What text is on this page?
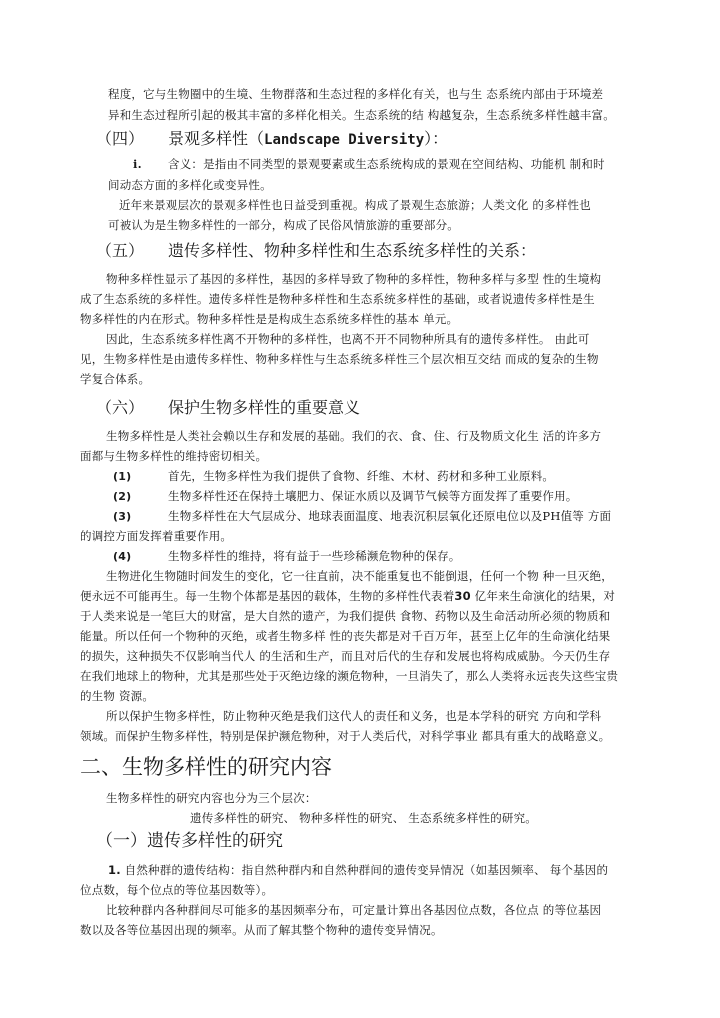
程度，它与生物圈中的生境、生物群落和生态过程的多样化有关，也与生 态系统内部由于环境差
异和生态过程所引起的极其丰富的多样化相关。生态系统的结 构越复杂，生态系统多样性越丰富。
（四） 景观多样性（Landscape Diversity）：
i. 含义：是指由不同类型的景观要素或生态系统构成的景观在空间结构、功能机 制和时
间动态方面的多样化或变异性。
近年来景观层次的景观多样性也日益受到重视。构成了景观生态旅游；人类文化 的多样性也
可被认为是生物多样性的一部分，构成了民俗风情旅游的重要部分。
（五） 遗传多样性、物种多样性和生态系统多样性的关系：
物种多样性显示了基因的多样性，基因的多样导致了物种的多样性，物种多样与多型 性的生境构
成了生态系统的多样性。遗传多样性是物种多样性和生态系统多样性的基础，或者说遗传多样性是生
物多样性的内在形式。物种多样性是是构成生态系统多样性的基本 单元。
因此，生态系统多样性离不开物种的多样性，也离不开不同物种所具有的遗传多样性。 由此可
见，生物多样性是由遗传多样性、物种多样性与生态系统多样性三个层次相互交结 而成的复杂的生物
学复合体系。
（六） 保护生物多样性的重要意义
生物多样性是人类社会赖以生存和发展的基础。我们的衣、食、住、行及物质文化生 活的许多方
面都与生物多样性的维持密切相关。
(1)	首先，生物多样性为我们提供了食物、纤维、木材、药材和多种工业原料。
(2)	生物多样性还在保持土壤肥力、保证水质以及调节气候等方面发挥了重要作用。
(3)	生物多样性在大气层成分、地球表面温度、地表沉积层氧化还原电位以及PH值等 方面
的调控方面发挥着重要作用。
(4)	生物多样性的维持，将有益于一些珍稀濒危物种的保存。
生物进化生物随时间发生的变化，它一往直前，决不能重复也不能倒退，任何一个物 种一旦灭绝，
便永远不可能再生。每一生物个体都是基因的载体，生物的多样性代表着30 亿年来生命演化的结果，对
于人类来说是一笔巨大的财富，是大自然的遗产，为我们提供 食物、药物以及生命活动所必须的物质和
能量。所以任何一个物种的灭绝，或者生物多样 性的丧失都是对千百万年，甚至上亿年的生命演化结果
的损失，这种损失不仅影响当代人 的生活和生产，而且对后代的生存和发展也将构成威胁。今天仍生存
在我们地球上的物种，尤其是那些处于灭绝边缘的濒危物种，一旦消失了，那么人类将永远丧失这些宝贵
的生物 资源。
所以保护生物多样性，防止物种灭绝是我们这代人的责任和义务，也是本学科的研究 方向和学科
领域。而保护生物多样性，特别是保护濒危物种，对于人类后代，对科学事业 都具有重大的战略意义。
二、生物多样性的研究内容
生物多样性的研究内容也分为三个层次：
遗传多样性的研究、 物种多样性的研究、 生态系统多样性的研究。
（一）遗传多样性的研究
1. 自然种群的遗传结构：指自然种群内和自然种群间的遗传变异情况（如基因频率、 每个基因的
位点数，每个位点的等位基因数等）。
比较种群内各种群间尽可能多的基因频率分布，可定量计算出各基因位点数，各位点 的等位基因
数以及各等位基因出现的频率。从而了解其整个物种的遗传变异情况。
